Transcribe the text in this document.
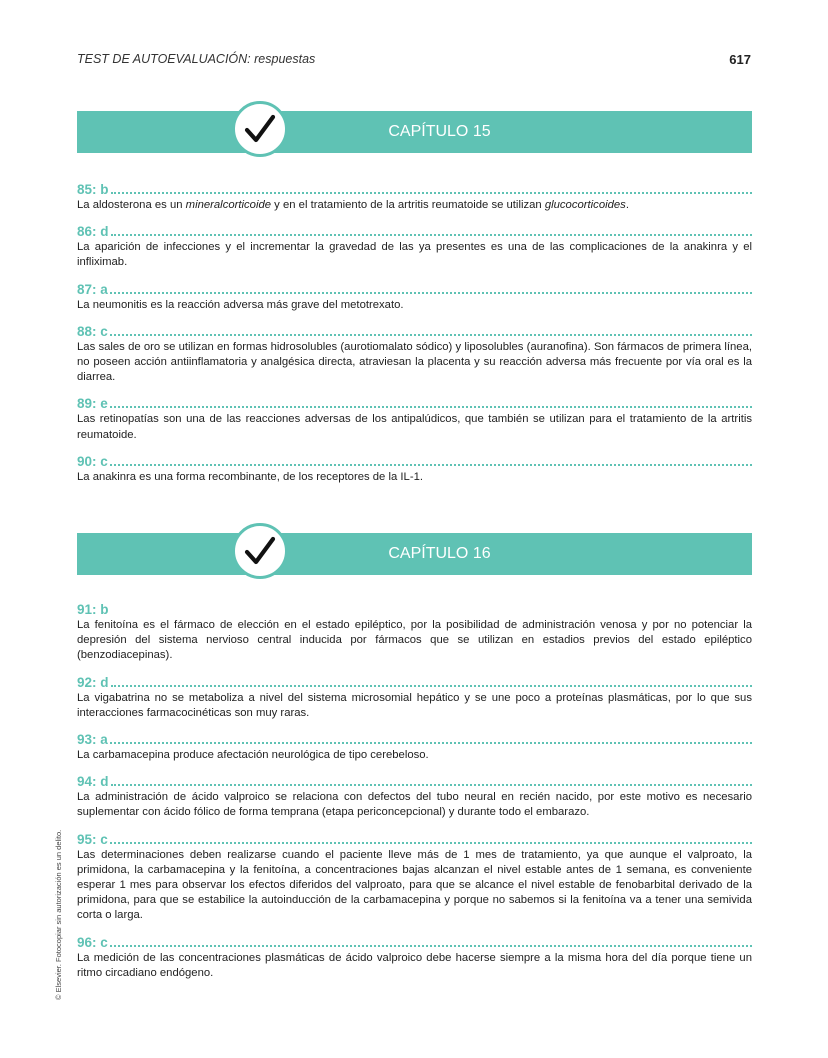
TEST DE AUTOEVALUACIÓN: respuestas	617
CAPÍTULO 15
85: b
La aldosterona es un mineralcorticoide y en el tratamiento de la artritis reumatoide se utilizan glucocorticoides.
86: d
La aparición de infecciones y el incrementar la gravedad de las ya presentes es una de las complicaciones de la anakinra y el infliximab.
87: a
La neumonitis es la reacción adversa más grave del metotrexato.
88: c
Las sales de oro se utilizan en formas hidrosolubles (aurotiomalato sódico) y liposolubles (auranofina). Son fármacos de primera línea, no poseen acción antiinflamatoria y analgésica directa, atraviesan la placenta y su reacción adversa más frecuente por vía oral es la diarrea.
89: e
Las retinopatías son una de las reacciones adversas de los antipalúdicos, que también se utilizan para el tratamiento de la artritis reumatoide.
90: c
La anakinra es una forma recombinante, de los receptores de la IL-1.
CAPÍTULO 16
91: b
La fenitoína es el fármaco de elección en el estado epiléptico, por la posibilidad de administración venosa y por no potenciar la depresión del sistema nervioso central inducida por fármacos que se utilizan en estadios previos del estado epiléptico (benzodiacepinas).
92: d
La vigabatrina no se metaboliza a nivel del sistema microsomial hepático y se une poco a proteínas plasmáticas, por lo que sus interacciones farmacocinéticas son muy raras.
93: a
La carbamacepina produce afectación neurológica de tipo cerebeloso.
94: d
La administración de ácido valproico se relaciona con defectos del tubo neural en recién nacido, por este motivo es necesario suplementar con ácido fólico de forma temprana (etapa periconcepcional) y durante todo el embarazo.
95: c
Las determinaciones deben realizarse cuando el paciente lleve más de 1 mes de tratamiento, ya que aunque el valproato, la primidona, la carbamacepina y la fenitoína, a concentraciones bajas alcanzan el nivel estable antes de 1 semana, es conveniente esperar 1 mes para observar los efectos diferidos del valproato, para que se alcance el nivel estable de fenobarbital derivado de la primidona, para que se estabilice la autoinducción de la carbamacepina y porque no sabemos si la fenitoína va a tener una semivida corta o larga.
96: c
La medición de las concentraciones plasmáticas de ácido valproico debe hacerse siempre a la misma hora del día porque tiene un ritmo circadiano endógeno.
© Elsevier. Fotocopiar sin autorización es un delito.
